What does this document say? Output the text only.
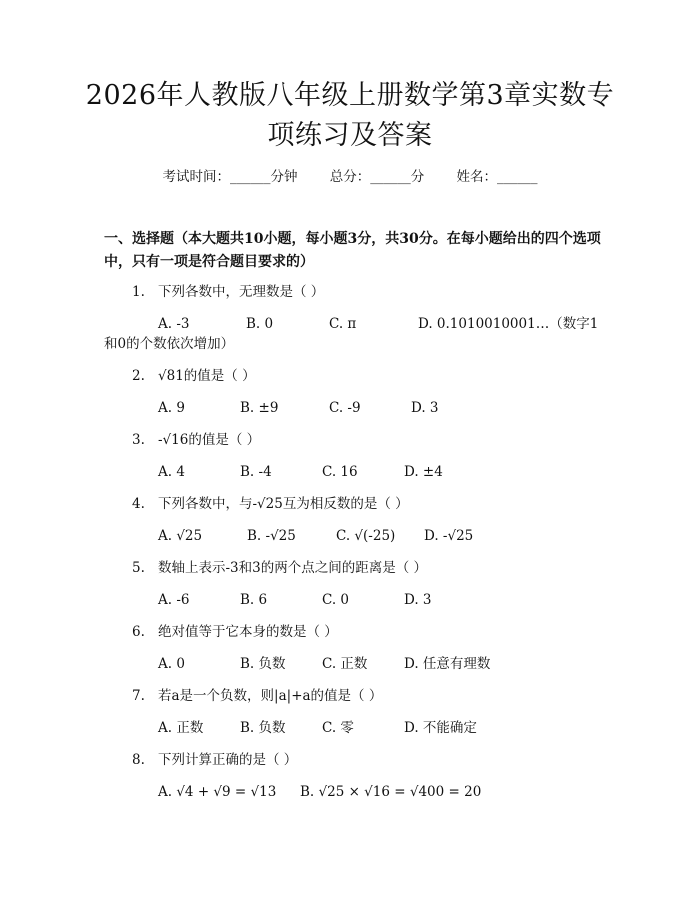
2026年人教版八年级上册数学第3章实数专
项练习及答案
考试时间：______分钟 总分：______分 姓名：______
一、选择题（本大题共10小题，每小题3分，共30分。在每小题给出的四个选项中，只有一项是符合题目要求的）
1. 下列各数中，无理数是（ ）
A. -3	B. 0	C. π	D. 0.1010010001…（数字1
和0的个数依次增加）
2. √81的值是（ ）
A. 9	B. ±9	C. -9	D. 3
3. -√16的值是（ ）
A. 4	B. -4	C. 16	D. ±4
4. 下列各数中，与-√25互为相反数的是（ ）
A. √25	B. -√25	C. √(-25) D. -√25
5. 数轴上表示-3和3的两个点之间的距离是（ ）
A. -6	B. 6	C. 0	D. 3
6. 绝对值等于它本身的数是（ ）
A. 0	B. 负数	C. 正数	D. 任意有理数
7. 若a是一个负数，则|a|+a的值是（ ）
A. 正数	B. 负数	C. 零	D. 不能确定
8. 下列计算正确的是（ ）
A. √4 + √9 = √13 B. √25 × √16 = √400 = 20
